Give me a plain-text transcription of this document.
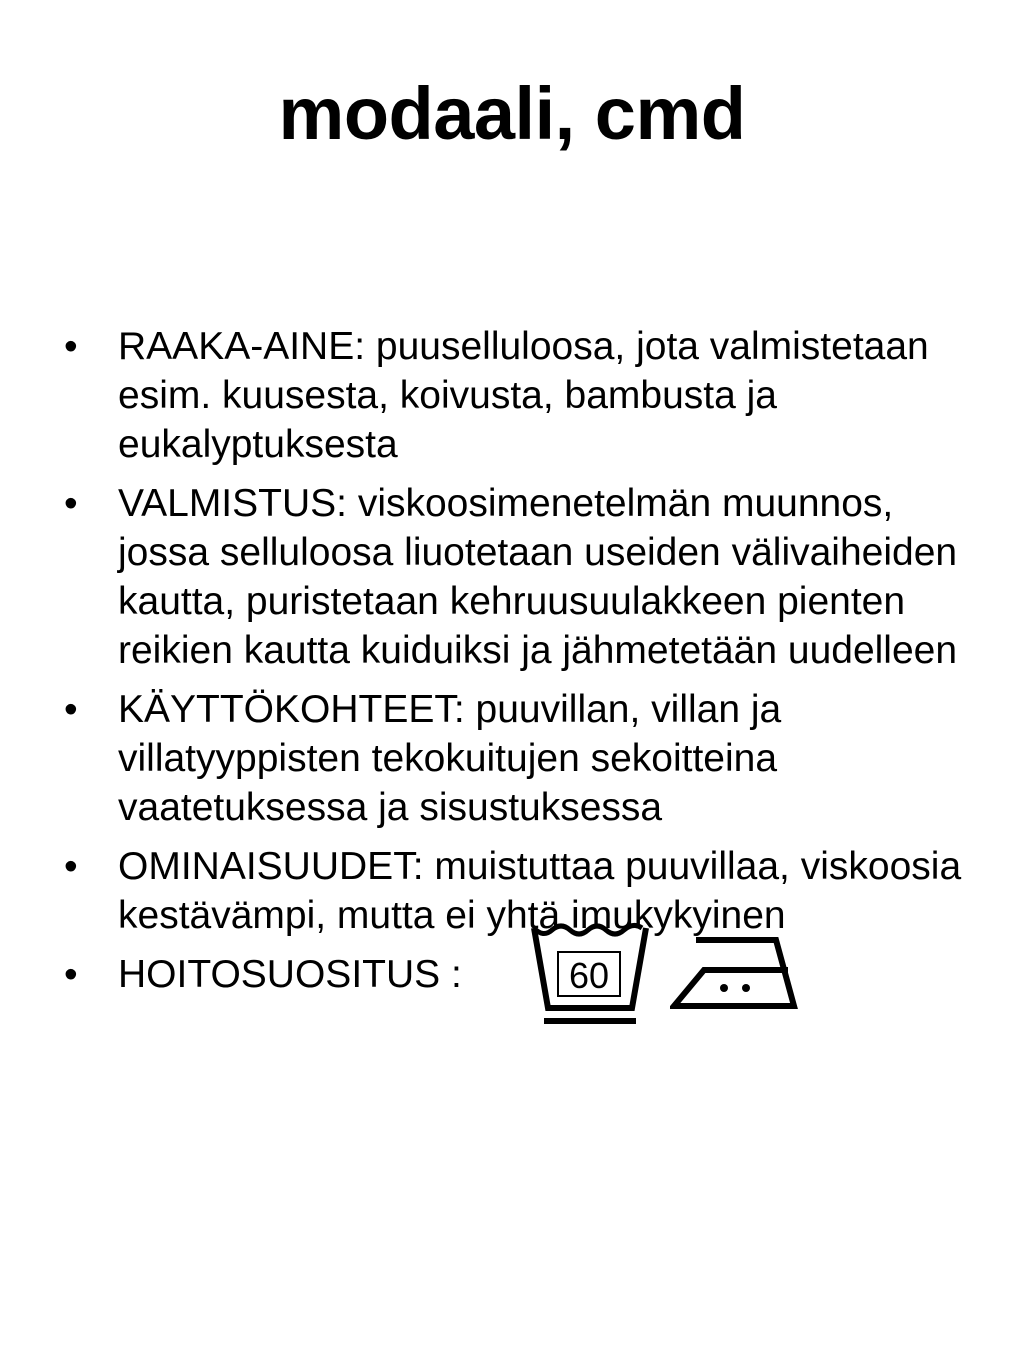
modaali, cmd
• RAAKA-AINE: puuselluloosa, jota valmistetaan esim. kuusesta, koivusta, bambusta ja eukalyptuksesta
• VALMISTUS: viskoosimenetelmän muunnos, jossa selluloosa liuotetaan useiden välivaiheiden kautta, puristetaan kehruusuulakkeen pienten reikien kautta kuiduiksi ja jähmetetään uudelleen
• KÄYTTÖKOHTEET: puuvillan, villan ja villatyyppisten tekokuitujen sekoitteina vaatetuksessa ja sisustuksessa
• OMINAISUUDET: muistuttaa puuvillaa, viskoosia kestävämpi, mutta ei yhtä imukykyinen
• HOITOSUOSITUS :	60
